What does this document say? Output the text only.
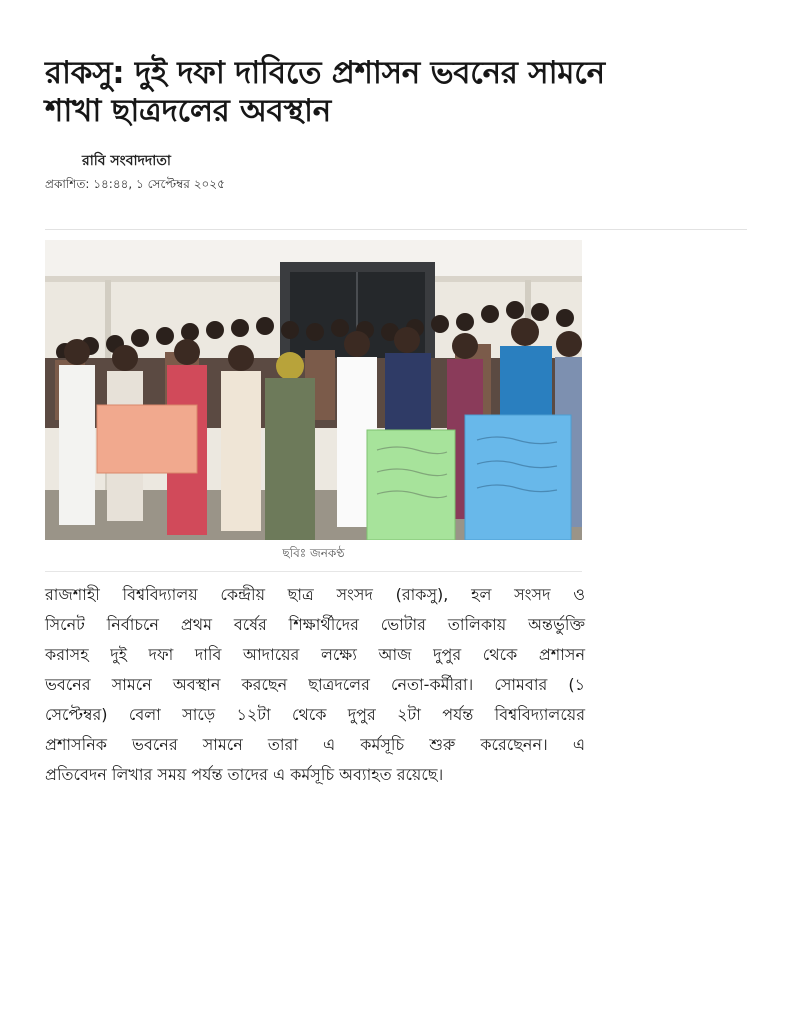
রাকসু: দুই দফা দাবিতে প্রশাসন ভবনের সামনে
শাখা ছাত্রদলের অবস্থান
রাবি সংবাদদাতা
প্রকাশিত: ১৪:৪৪, ১ সেপ্টেম্বর ২০২৫
ছবিঃ জনকণ্ঠ
রাজশাহী বিশ্ববিদ্যালয় কেন্দ্রীয় ছাত্র সংসদ (রাকসু), হল সংসদ ও
সিনেট নির্বাচনে প্রথম বর্ষের শিক্ষার্থীদের ভোটার তালিকায় অন্তর্ভুক্তি
করাসহ দুই দফা দাবি আদায়ের লক্ষ্যে আজ দুপুর থেকে প্রশাসন
ভবনের সামনে অবস্থান করছেন ছাত্রদলের নেতা-কর্মীরা। সোমবার (১
সেপ্টেম্বর) বেলা সাড়ে ১২টা থেকে দুপুর ২টা পর্যন্ত বিশ্ববিদ্যালয়ের
প্রশাসনিক ভবনের সামনে তারা এ কর্মসূচি শুরু করেছেনন। এ
প্রতিবেদন লিখার সময় পর্যন্ত তাদের এ কর্মসূচি অব্যাহত রয়েছে।
